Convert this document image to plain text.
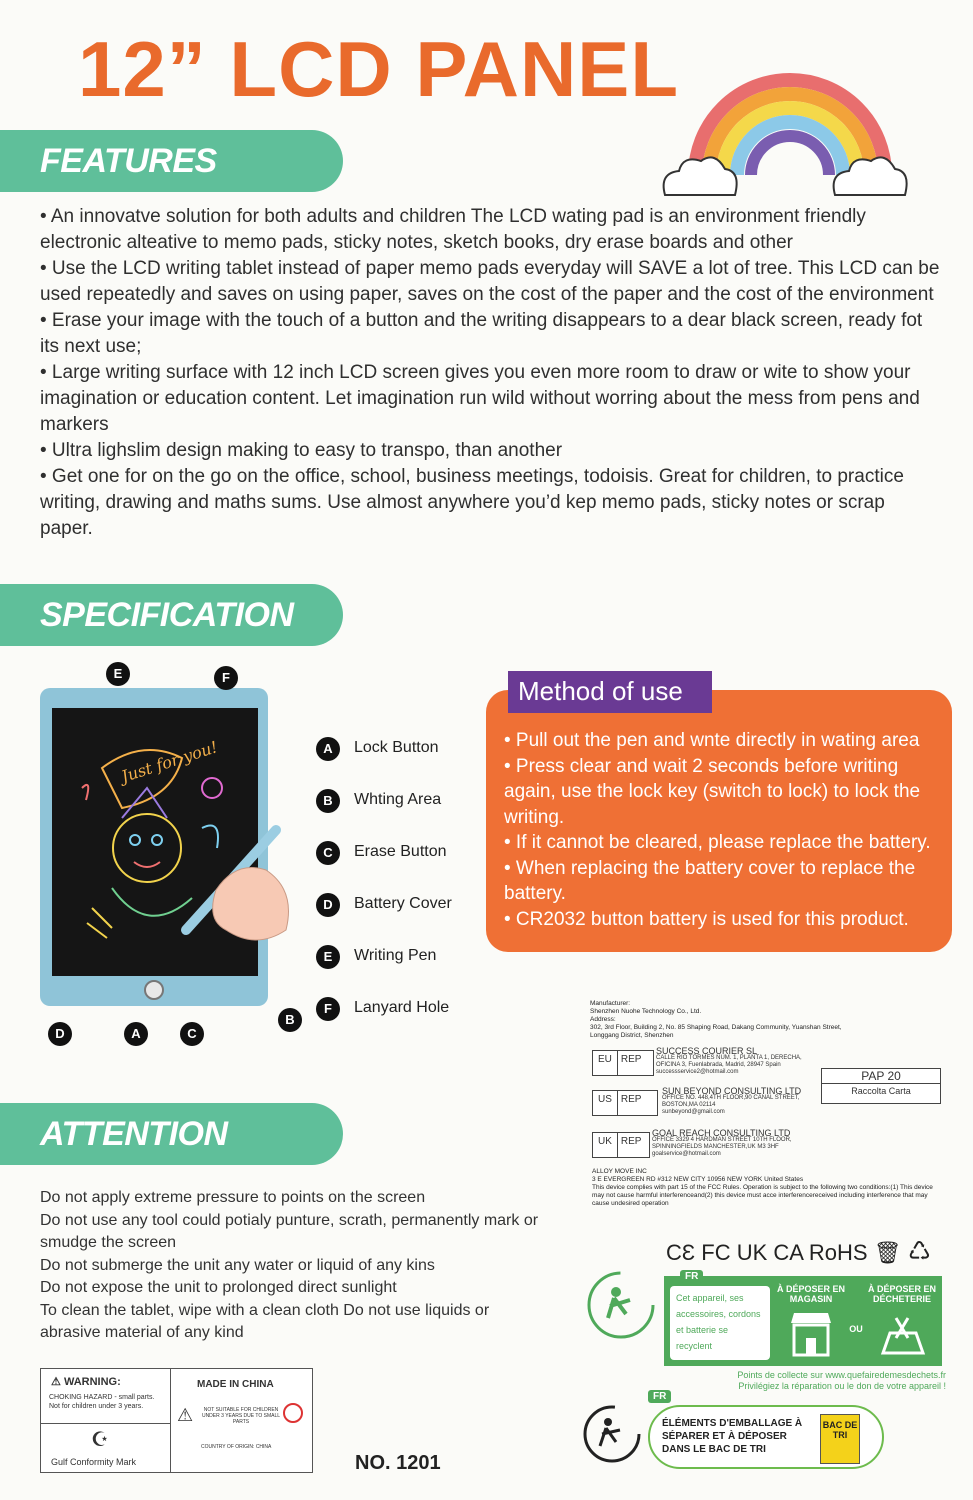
12” LCD PANEL
FEATURES

• An innovatve solution for both adults and children The LCD wating pad is an environment friendly electronic alteative to memo pads, sticky notes, sketch books, dry erase boards and other

• Use the LCD writing tablet instead of paper memo pads everyday will SAVE a lot of tree. This LCD can be used repeatedly and saves on using paper, saves on the cost of the paper and the cost of the environment

• Erase your image with the touch of a button and the writing disappears to a dear black screen, ready fot its next use;

• Large writing surface with 12 inch LCD screen gives you even more room to draw or wite to show your imagination or education content. Let imagination run wild without worring about the mess from pens and markers

• Ultra lighslim design making to easy to transpo, than another

• Get one for on the go on the office, school, business meetings, todoisis. Great for children, to practice writing, drawing and maths sums. Use almost anywhere you’d kep memo pads, sticky notes or scrap paper.

SPECIFICATION
Just for you!
E	F
B
D	A	C
A	Lock Button
B	Whting Area
C	Erase Button
D	Battery Cover
E	Writing Pen
F	Lanyard Hole
Method of use

• Pull out the pen and wnte directly in wating area

• Press clear and wait 2 seconds before writing again, use the lock key (switch to lock) to lock the writing.

• If it cannot be cleared, please replace the battery.

• When replacing the battery cover to replace the battery.

• CR2032 button battery is used for this product.

Manufacturer:
Shenzhen Nuohe Technology Co., Ltd.
Address:
302, 3rd Floor, Building 2, No. 85 Shaping Road, Dakang Community, Yuanshan Street, Longgang District, Shenzhen
EU REP
SUCCESS COURIER SL
CALLE RIO TORMES NUM. 1, PLANTA 1, DERECHA, OFICINA 3, Fuenlabrada, Madrid, 28947 Spain
successservice2@hotmail.com
US REP
SUN BEYOND CONSULTING LTD
OFFICE NO. 448,4TH FLOOR,90 CANAL STREET, BOSTON,MA 02114
sunbeyond@gmail.com
PAP 20
Raccolta Carta
UK REP
GOAL REACH CONSULTING LTD
OFFICE 3329 4 HARDMAN STREET 10TH FLOOR, SPINNINGFIELDS MANCHESTER,UK M3 3HF
goalservice@hotmail.com
ALLOY MOVE INC
3 E EVERGREEN RD #312 NEW CITY 10956 NEW YORK United States
This device complies with part 15 of the FCC Rules. Operation is subject to the following two conditions:(1) This device may not cause harmful interferenceand(2) this device must acce interferencereceived including interference that may cause undesired operation
CƐ FC UK CA RoHS 🗑 ♺
Cet appareil, ses accessoires, cordons et batterie se recyclent
À DÉPOSER EN MAGASIN
OU
À DÉPOSER EN DÉCHETERIE
FR
Points de collecte sur www.quefairedemesdechets.fr
Privilégiez la réparation ou le don de votre appareil !
FR
ÉLÉMENTS D'EMBALLAGE À SÉPARER ET À DÉPOSER DANS LE BAC DE TRI
BAC DE TRI
ATTENTION

Do not apply extreme pressure to points on the screen

Do not use any tool could potialy punture, scrath, permanently mark or smudge the screen

Do not submerge the unit any water or liquid of any kins

Do not expose the unit to prolonged direct sunlight

To clean the tablet, wipe with a clean cloth Do not use liquids or abrasive material of any kind

⚠ WARNING:
CHOKING HAZARD - small parts. Not for children under 3 years.
☪
Gulf Conformity Mark
MADE IN CHINA
⚠	NOT SUITABLE FOR CHILDREN UNDER 3 YEARS DUE TO SMALL PARTS
COUNTRY OF ORIGIN: CHINA
NO. 1201
